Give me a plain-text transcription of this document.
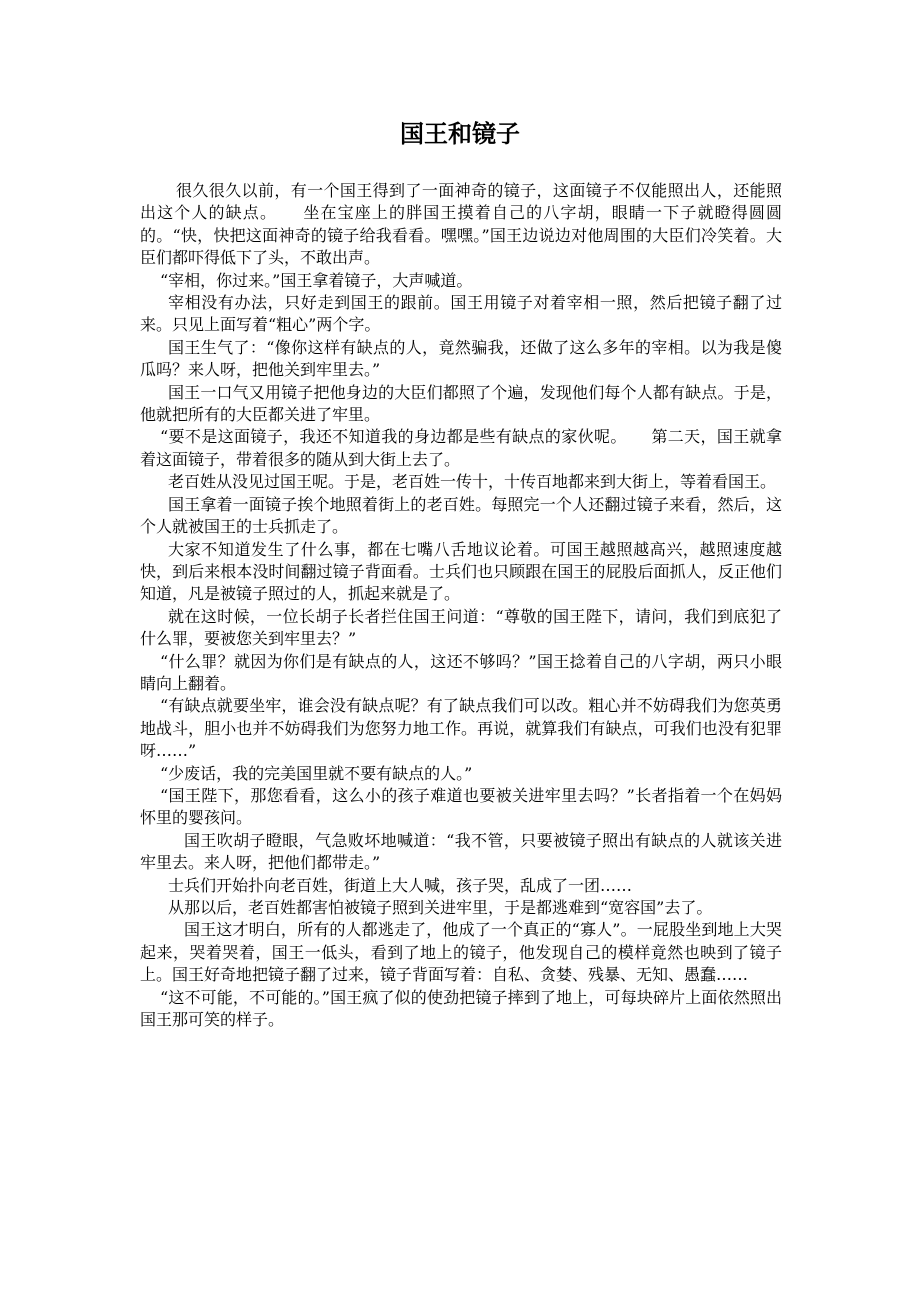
国王和镜子

很久很久以前，有一个国王得到了一面神奇的镜子，这面镜子不仅能照出人，还能照出这个人的缺点。　　坐在宝座上的胖国王摸着自己的八字胡，眼睛一下子就瞪得圆圆的。“快，快把这面神奇的镜子给我看看。嘿嘿。”国王边说边对他周围的大臣们冷笑着。大臣们都吓得低下了头，不敢出声。

“宰相，你过来。”国王拿着镜子，大声喊道。

宰相没有办法，只好走到国王的跟前。国王用镜子对着宰相一照，然后把镜子翻了过来。只见上面写着“粗心”两个字。

国王生气了：“像你这样有缺点的人，竟然骗我，还做了这么多年的宰相。以为我是傻瓜吗？来人呀，把他关到牢里去。”

国王一口气又用镜子把他身边的大臣们都照了个遍，发现他们每个人都有缺点。于是，他就把所有的大臣都关进了牢里。

“要不是这面镜子，我还不知道我的身边都是些有缺点的家伙呢。　　第二天，国王就拿着这面镜子，带着很多的随从到大街上去了。

老百姓从没见过国王呢。于是，老百姓一传十，十传百地都来到大街上，等着看国王。

国王拿着一面镜子挨个地照着街上的老百姓。每照完一个人还翻过镜子来看，然后，这个人就被国王的士兵抓走了。

大家不知道发生了什么事，都在七嘴八舌地议论着。可国王越照越高兴，越照速度越快，到后来根本没时间翻过镜子背面看。士兵们也只顾跟在国王的屁股后面抓人，反正他们知道，凡是被镜子照过的人，抓起来就是了。

就在这时候，一位长胡子长者拦住国王问道：“尊敬的国王陛下，请问，我们到底犯了什么罪，要被您关到牢里去？”

“什么罪？就因为你们是有缺点的人，这还不够吗？”国王捻着自己的八字胡，两只小眼睛向上翻着。

“有缺点就要坐牢，谁会没有缺点呢？有了缺点我们可以改。粗心并不妨碍我们为您英勇地战斗，胆小也并不妨碍我们为您努力地工作。再说，就算我们有缺点，可我们也没有犯罪呀……”

“少废话，我的完美国里就不要有缺点的人。”

“国王陛下，那您看看，这么小的孩子难道也要被关进牢里去吗？”长者指着一个在妈妈怀里的婴孩问。

国王吹胡子瞪眼，气急败坏地喊道：“我不管，只要被镜子照出有缺点的人就该关进牢里去。来人呀，把他们都带走。”

士兵们开始扑向老百姓，街道上大人喊，孩子哭，乱成了一团……

从那以后，老百姓都害怕被镜子照到关进牢里，于是都逃难到“宽容国”去了。

国王这才明白，所有的人都逃走了，他成了一个真正的“寡人”。一屁股坐到地上大哭起来，哭着哭着，国王一低头，看到了地上的镜子，他发现自己的模样竟然也映到了镜子上。国王好奇地把镜子翻了过来，镜子背面写着：自私、贪婪、残暴、无知、愚蠢……

“这不可能，不可能的。”国王疯了似的使劲把镜子摔到了地上，可每块碎片上面依然照出国王那可笑的样子。
